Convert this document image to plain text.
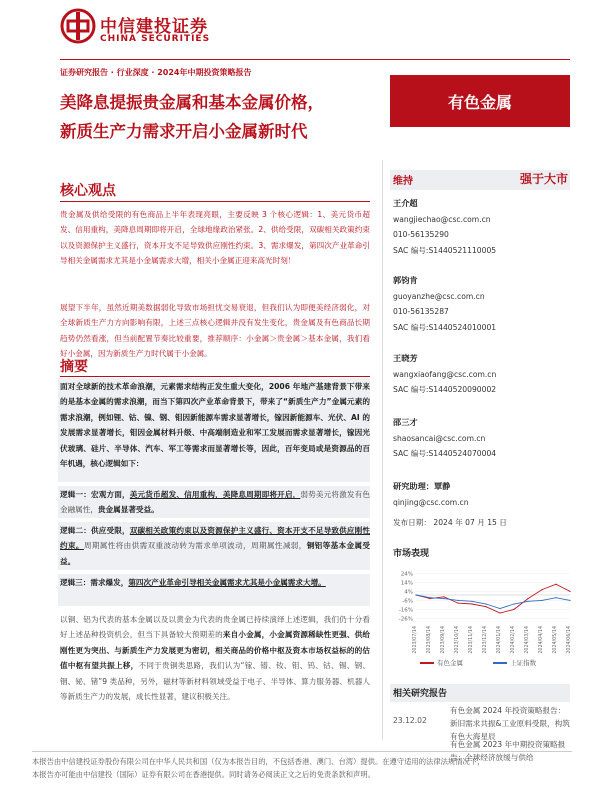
中信建投证券
CHINA SECURITIES
证券研究报告 · 行业深度 · 2024年中期投资策略报告
美降息提振贵金属和基本金属价格，
新质生产力需求开启小金属新时代
有色金属
核心观点
贵金属及供给受限的有色商品上半年表现亮眼，主要反映 3 个核心逻辑：1、美元货币超发、信用重构，美降息周期即将开启，全球地缘政治紧张。2、供给受限，双碳相关政策约束以及资源保护主义盛行，资本开支不足导致供应刚性约束。3、需求爆发，第四次产业革命引导相关金属需求尤其是小金属需求大增，相关小金属正迎来高光时刻！
展望下半年，虽然近期美数据弱化导致市场担忧交易衰退，但我们认为即便美经济弱化，对全球新质生产力方向影响有限，上述三点核心逻辑并没有发生变化，贵金属及有色商品长期趋势仍然看涨，但当前配置节奏比较重要，推荐顺序：小金属＞贵金属＞基本金属，我们看好小金属，因为新质生产力时代属于小金属。
摘要
面对全球新的技术革命浪潮，元素需求结构正发生重大变化，2006 年地产基建背景下带来的是基本金属的需求浪潮，而当下第四次产业革命背景下，带来了“新质生产力”金属元素的需求浪潮，例如锂、钴、镍、钢、钼因新能源车需求显著增长，镓因新能源车、光伏、AI 的发展需求显著增长，钼因金属材料升级、中高端制造业和军工发展而需求显著增长，镓因光伏玻璃、硅片、半导体、汽车、军工等需求而显著增长等，因此，百年变局或是资源品的百年机遇，核心逻辑如下：
逻辑一：宏观方面，美元货币超发、信用重构，美降息周期即将开启，弱势美元将激发有色金融属性，贵金属显著受益。
逻辑二：供应受限，双碳相关政策约束以及资源保护主义盛行、资本开支不足导致供应刚性约束。周期属性将由供需双重波动转为需求单项波动，周期属性减弱，铜铝等基本金属受益。
逻辑三：需求爆发，第四次产业革命引导相关金属需求尤其是小金属需求大增。
以铜、铝为代表的基本金属以及以黄金为代表的贵金属已持续演绎上述逻辑，我们仍十分看好上述品种投资机会，但当下具备较大预期差的来自小金属，小金属资源稀缺性更强、供给刚性更为突出、与新质生产力发展更为密切，相关商品的价格中枢及资本市场权益标的的估值中枢有望共振上移，不同于贵铜类思路，我们认为“镓、镨、钕、钼、钨、钴、锡、钢、铟、铋、锗”9 类品种，另外，磁材等新材料领域受益于电子、半导体、算力服务器、机器人等新质生产力的发展，成长性显著，建议积极关注。
维持	强于大市
王介超
wangjiechao@csc.com.cn
010-56135290
SAC 编号:S1440521110005
郭钧肯
guoyanzhe@csc.com.cn
010-56135287
SAC 编号:S1440524010001
王晓芳
wangxiaofang@csc.com.cn
SAC 编号:S1440520090002
邵三才
shaosancai@csc.com.cn
SAC 编号:S1440524070004
研究助理：覃静
qinjing@csc.com.cn
发布日期： 2024 年 07 月 15 日
市场表现
24%
14%
4%
-6%
-16%
-26%
2023/07/14 2023/08/14 2023/09/14 2023/10/14 2023/11/14 2023/12/14 2024/01/14 2024/02/14 2024/03/14 2024/04/14 2024/05/14 2024/06/14
有色金属	上证指数
相关研究报告
23.12.02
有色金属 2024 年投资策略报告：新旧需求共振&工业原料受限，构筑有色大海星辰
有色金属 2023 年中期投资策略报告：全球经济放缓与供给
本报告由中信建投证券股份有限公司在中华人民共和国（仅为本报告目的，不包括香港、澳门、台湾）提供。在遵守适用的法律法规情况下，
本报告亦可能由中信建投（国际）证券有限公司在香港提供。同时请务必阅读正文之后的免责条款和声明。
